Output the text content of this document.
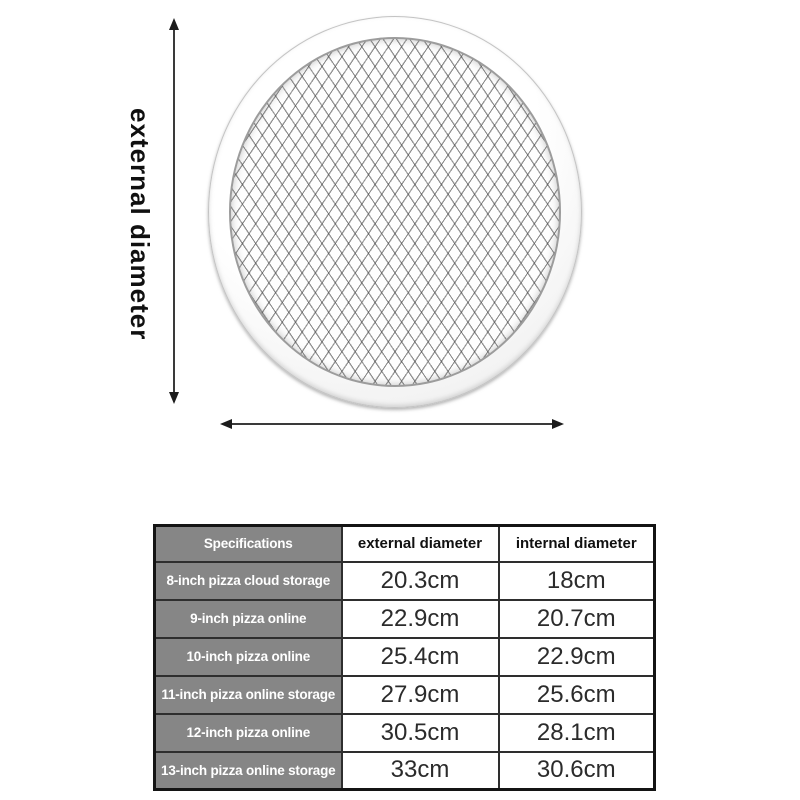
external diameter
Specifications	external diameter	internal diameter
8-inch pizza cloud storage	20.3cm	18cm
9-inch pizza online	22.9cm	20.7cm
10-inch pizza online	25.4cm	22.9cm
11-inch pizza online storage	27.9cm	25.6cm
12-inch pizza online	30.5cm	28.1cm
13-inch pizza online storage	33cm	30.6cm
